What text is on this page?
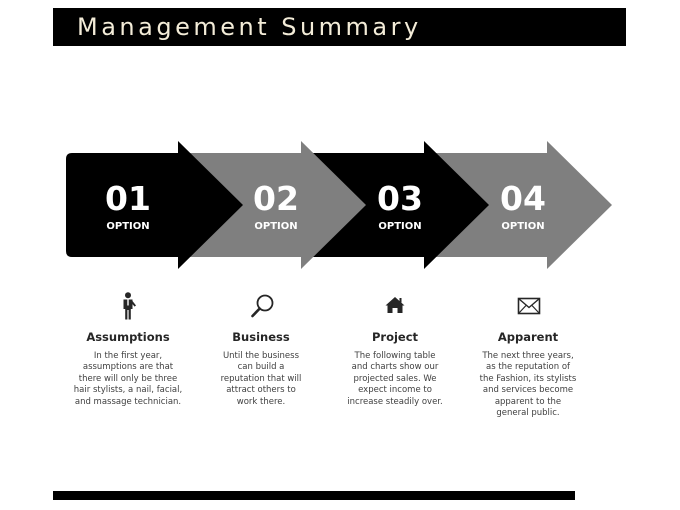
Management Summary
01
OPTION
02
OPTION
03
OPTION
04
OPTION
Assumptions	Business	Project	Apparent
In the first year,
assumptions are that
there will only be three
hair stylists, a nail, facial,
and massage technician.
Until the business
can build a
reputation that will
attract others to
work there.
The following table
and charts show our
projected sales. We
expect income to
increase steadily over.
The next three years,
as the reputation of
the Fashion, its stylists
and services become
apparent to the
general public.
